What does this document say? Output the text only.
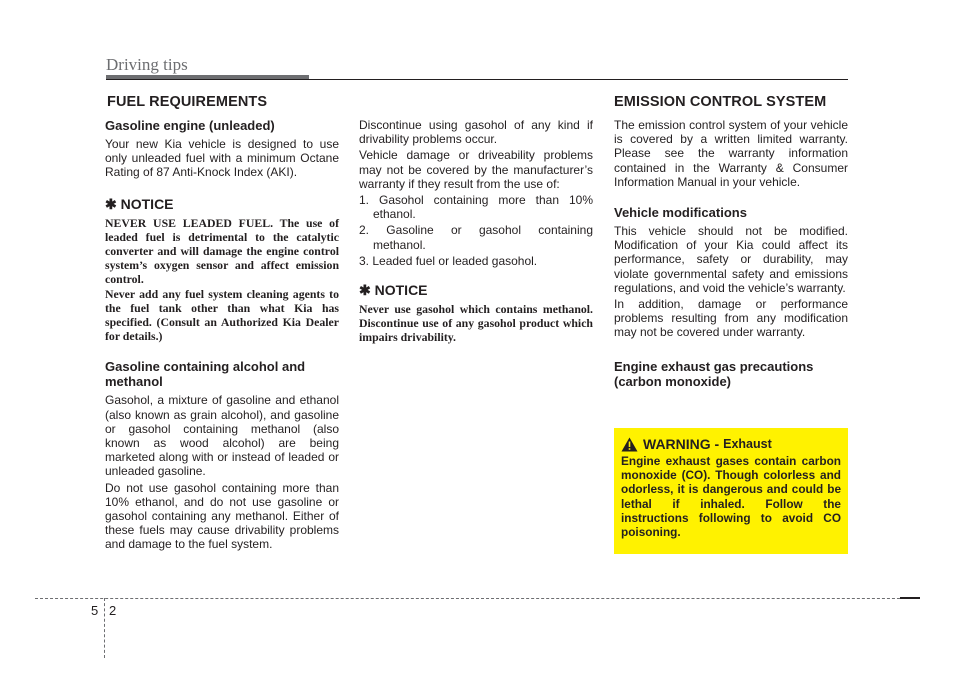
Driving tips
FUEL REQUIREMENTS
Gasoline engine (unleaded)

Your new Kia vehicle is designed to use only unleaded fuel with a minimum Octane Rating of 87 Anti-Knock Index (AKI).

✱ NOTICE

NEVER USE LEADED FUEL. The use of leaded fuel is detrimental to the catalytic converter and will damage the engine control system’s oxygen sensor and affect emission control.

Never add any fuel system cleaning agents to the fuel tank other than what Kia has specified. (Consult an Authorized Kia Dealer for details.)

Gasoline containing alcohol and methanol

Gasohol, a mixture of gasoline and ethanol (also known as grain alcohol), and gasoline or gasohol containing methanol (also known as wood alcohol) are being marketed along with or instead of leaded or unleaded gasoline.

Do not use gasohol containing more than 10% ethanol, and do not use gasoline or gasohol containing any methanol. Either of these fuels may cause drivability problems and damage to the fuel system.

Discontinue using gasohol of any kind if drivability problems occur.

Vehicle damage or driveability problems may not be covered by the manufacturer’s warranty if they result from the use of:

1. Gasohol containing more than 10% ethanol.
2. Gasoline or gasohol containing methanol.
3. Leaded fuel or leaded gasohol.
✱ NOTICE

Never use gasohol which contains methanol. Discontinue use of any gasohol product which impairs drivability.

EMISSION CONTROL SYSTEM

The emission control system of your vehicle is covered by a written limited warranty. Please see the warranty information contained in the Warranty & Consumer Information Manual in your vehicle.

Vehicle modifications

This vehicle should not be modified. Modification of your Kia could affect its performance, safety or durability, may violate governmental safety and emissions regulations, and void the vehicle’s warranty.

In addition, damage or performance problems resulting from any modification may not be covered under warranty.

Engine exhaust gas precautions (carbon monoxide)
WARNING -
Exhaust

Engine exhaust gases contain carbon monoxide (CO). Though colorless and odorless, it is dangerous and could be lethal if inhaled. Follow the instructions following to avoid CO poisoning.

5 2
